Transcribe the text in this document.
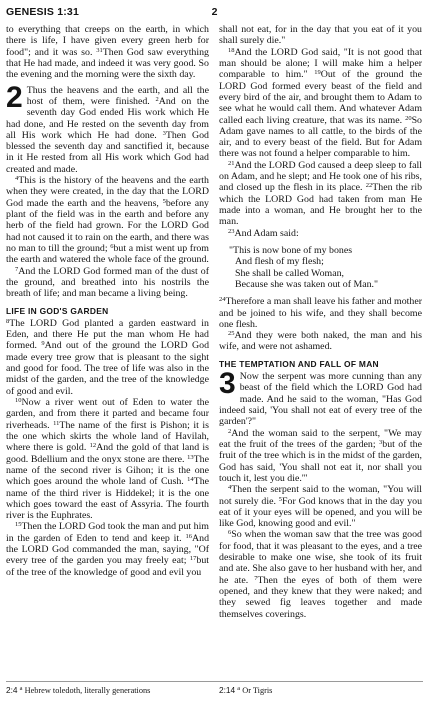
GENESIS 1:31	2
to everything that creeps on the earth, in which there is life, I have given every green herb for food"; and it was so. $^{31}$Then God saw everything that He had made, and indeed it was very good. So the evening and the morning were the sixth day.
2 Thus the heavens and the earth, and all the host of them, were finished. $^2$And on the seventh day God ended His work which He had done, and He rested on the seventh day from all His work which He had done. $^3$Then God blessed the seventh day and sanctified it, because in it He rested from all His work which God had created and made.
$^4$This is the history of the heavens and the earth when they were created, in the day that the LORD God made the earth and the heavens, $^5$before any plant of the field was in the earth and before any herb of the field had grown. For the LORD God had not caused it to rain on the earth, and there was no man to till the ground; $^6$but a mist went up from the earth and watered the whole face of the ground.
$^7$And the LORD God formed man of the dust of the ground, and breathed into his nostrils the breath of life; and man became a living being.
LIFE IN GOD'S GARDEN
$^8$The LORD God planted a garden eastward in Eden, and there He put the man whom He had formed. $^9$And out of the ground the LORD God made every tree grow that is pleasant to the sight and good for food. The tree of life was also in the midst of the garden, and the tree of the knowledge of good and evil.
$^{10}$Now a river went out of Eden to water the garden, and from there it parted and became four riverheads. $^{11}$The name of the first is Pishon; it is the one which skirts the whole land of Havilah, where there is gold. $^{12}$And the gold of that land is good. Bdellium and the onyx stone are there. $^{13}$The name of the second river is Gihon; it is the one which goes around the whole land of Cush. $^{14}$The name of the third river is Hiddekel; it is the one which goes toward the east of Assyria. The fourth river is the Euphrates.
$^{15}$Then the LORD God took the man and put him in the garden of Eden to tend and keep it. $^{16}$And the LORD God commanded the man, saying, "Of every tree of the garden you may freely eat; $^{17}$but of the tree of the knowledge of good and evil you
shall not eat, for in the day that you eat of it you shall surely die."
$^{18}$And the LORD God said, "It is not good that man should be alone; I will make him a helper comparable to him." $^{19}$Out of the ground the LORD God formed every beast of the field and every bird of the air, and brought them to Adam to see what he would call them. And whatever Adam called each living creature, that was its name. $^{20}$So Adam gave names to all cattle, to the birds of the air, and to every beast of the field. But for Adam there was not found a helper comparable to him.
$^{21}$And the LORD God caused a deep sleep to fall on Adam, and he slept; and He took one of his ribs, and closed up the flesh in its place. $^{22}$Then the rib which the LORD God had taken from man He made into a woman, and He brought her to the man.
$^{23}$And Adam said:
"This is now bone of my bones
And flesh of my flesh;
She shall be called Woman,
Because she was taken out of Man."
$^{24}$Therefore a man shall leave his father and mother and be joined to his wife, and they shall become one flesh.
$^{25}$And they were both naked, the man and his wife, and were not ashamed.
THE TEMPTATION AND FALL OF MAN
3 Now the serpent was more cunning than any beast of the field which the LORD God had made. And he said to the woman, "Has God indeed said, 'You shall not eat of every tree of the garden'?"
$^2$And the woman said to the serpent, "We may eat the fruit of the trees of the garden; $^3$but of the fruit of the tree which is in the midst of the garden, God has said, 'You shall not eat it, nor shall you touch it, lest you die.'"
$^4$Then the serpent said to the woman, "You will not surely die. $^5$For God knows that in the day you eat of it your eyes will be opened, and you will be like God, knowing good and evil."
$^6$So when the woman saw that the tree was good for food, that it was pleasant to the eyes, and a tree desirable to make one wise, she took of its fruit and ate. She also gave to her husband with her, and he ate. $^7$Then the eyes of both of them were opened, and they knew that they were naked; and they sewed fig leaves together and made themselves coverings.
2:4 $^a$ Hebrew toledoth, literally generations	2:14 $^a$ Or Tigris
